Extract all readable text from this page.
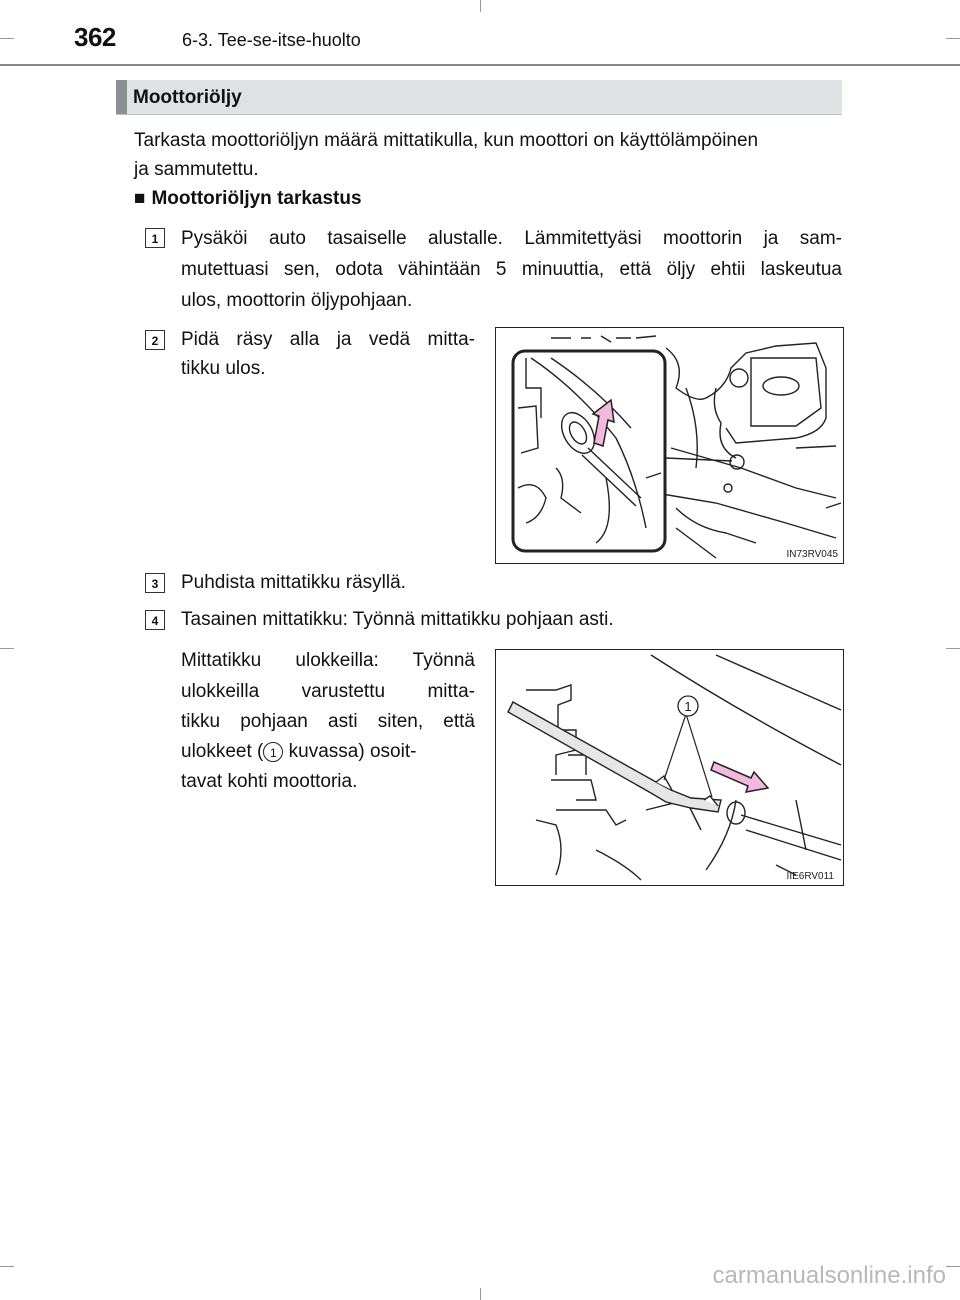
362	6-3. Tee-se-itse-huolto
Moottoriöljy
Tarkasta moottoriöljyn määrä mittatikulla, kun moottori on käyttölämpöinen
ja sammutettu.
■ Moottoriöljyn tarkastus
1	Pysäköi auto tasaiselle alustalle. Lämmitettyäsi moottorin ja sam-
mutettuasi sen, odota vähintään 5 minuuttia, että öljy ehtii laskeutua
ulos, moottorin öljypohjaan.
2	Pidä räsy alla ja vedä mitta-
tikku ulos.
IN73RV045
3	Puhdista mittatikku räsyllä.
4	Tasainen mittatikku: Työnnä mittatikku pohjaan asti.
Mittatikku ulokkeilla: Työnnä
ulokkeilla varustettu mitta-
tikku pohjaan asti siten, että
ulokkeet ( 1 kuvassa) osoit-
tavat kohti moottoria.
1
IIE6RV011
carmanualsonline.info
